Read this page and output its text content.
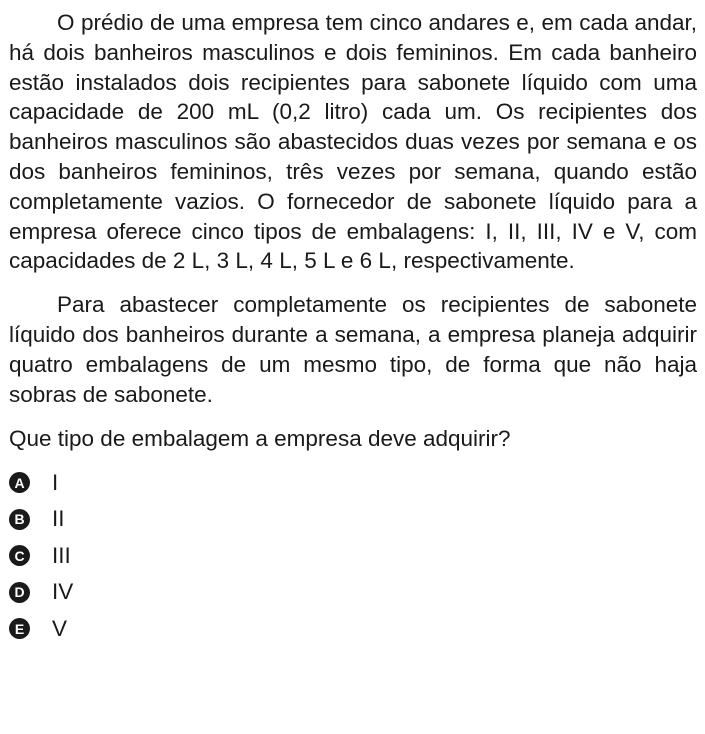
O prédio de uma empresa tem cinco andares e, em cada andar, há dois banheiros masculinos e dois femininos. Em cada banheiro estão instalados dois recipientes para sabonete líquido com uma capacidade de 200 mL (0,2 litro) cada um. Os recipientes dos banheiros masculinos são abastecidos duas vezes por semana e os dos banheiros femininos, três vezes por semana, quando estão completamente vazios. O fornecedor de sabonete líquido para a empresa oferece cinco tipos de embalagens: I, II, III, IV e V, com capacidades de 2 L, 3 L, 4 L, 5 L e 6 L, respectivamente.

Para abastecer completamente os recipientes de sabonete líquido dos banheiros durante a semana, a empresa planeja adquirir quatro embalagens de um mesmo tipo, de forma que não haja sobras de sabonete.

Que tipo de embalagem a empresa deve adquirir?

A I
B II
C III
D IV
E V
